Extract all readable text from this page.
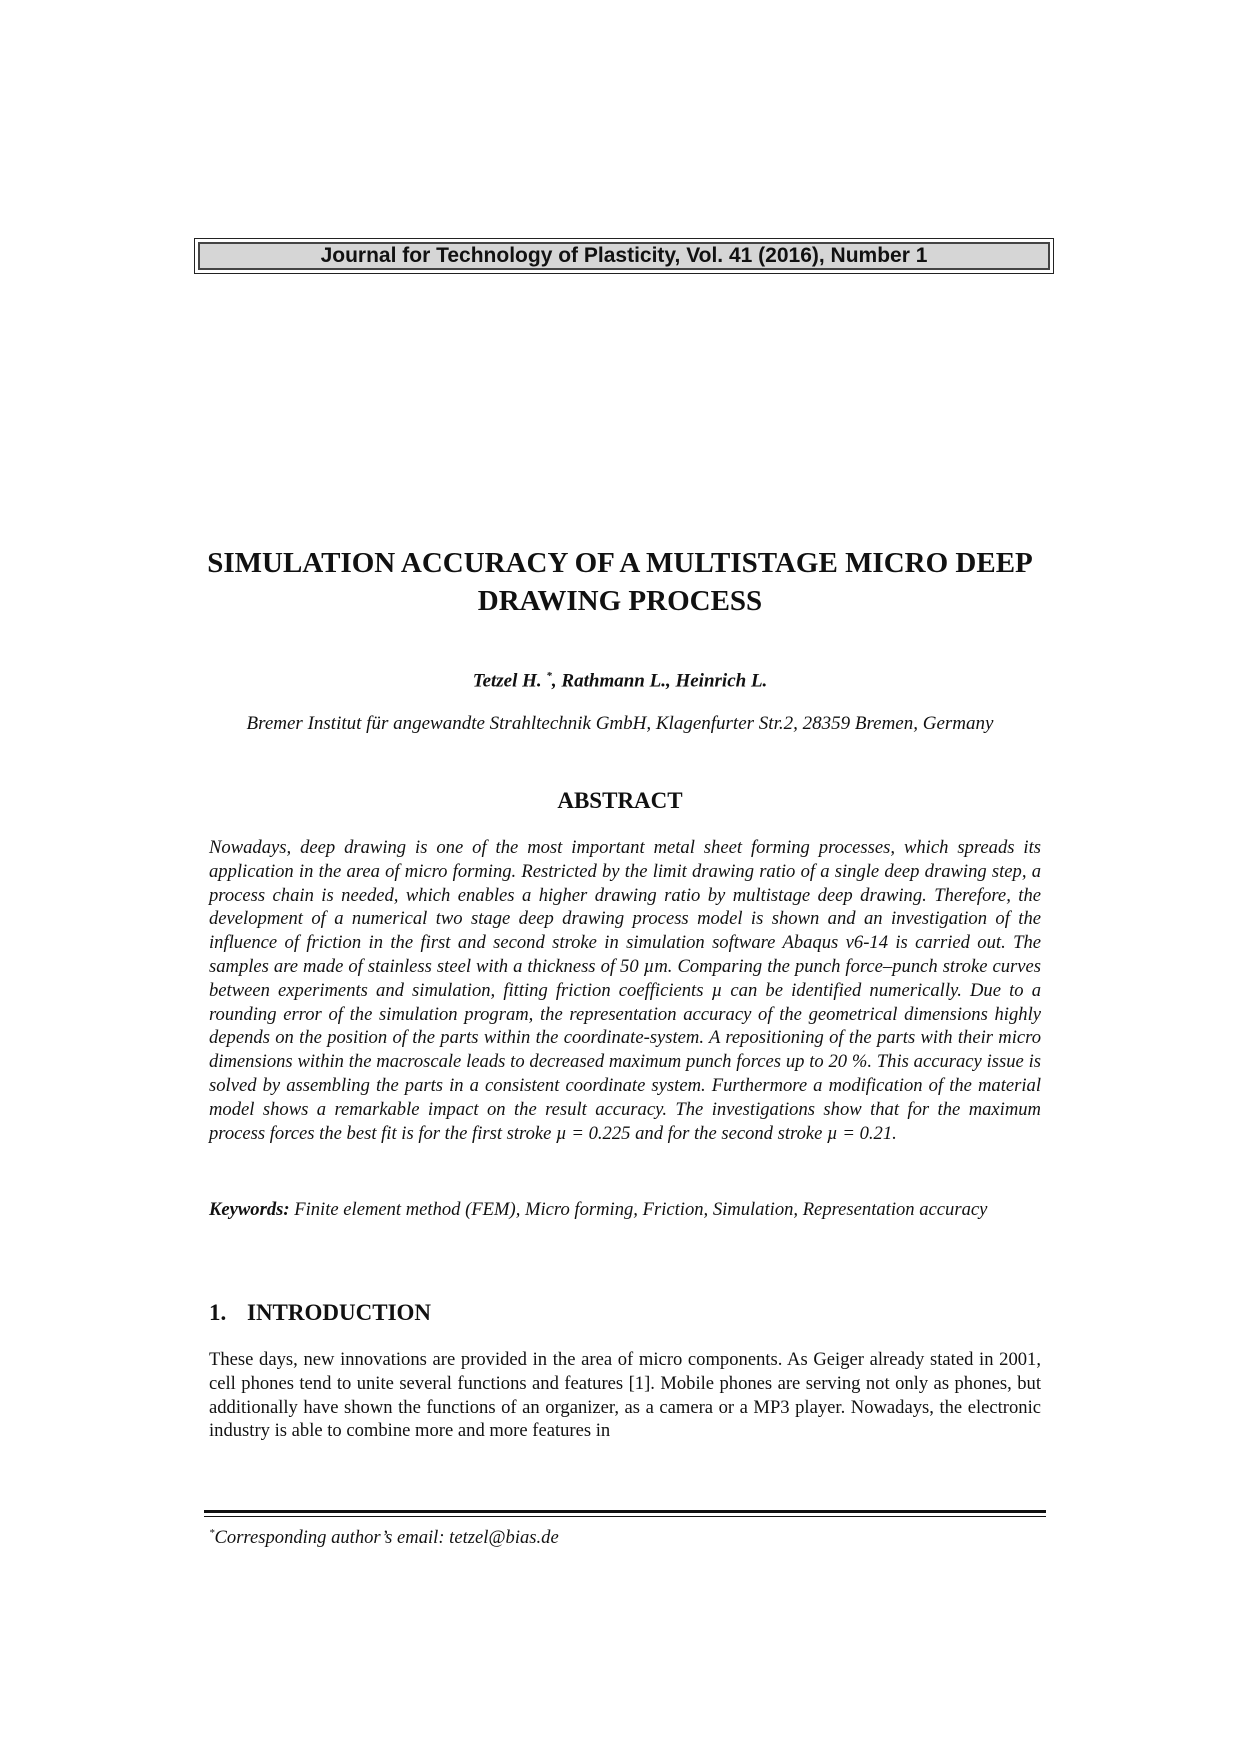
Journal for Technology of Plasticity, Vol. 41 (2016), Number 1
SIMULATION ACCURACY OF A MULTISTAGE MICRO DEEP DRAWING PROCESS

Tetzel H. *, Rathmann L., Heinrich L.

Bremer Institut für angewandte Strahltechnik GmbH, Klagenfurter Str.2, 28359 Bremen, Germany

ABSTRACT

Nowadays, deep drawing is one of the most important metal sheet forming processes, which spreads its application in the area of micro forming. Restricted by the limit drawing ratio of a single deep drawing step, a process chain is needed, which enables a higher drawing ratio by multistage deep drawing. Therefore, the development of a numerical two stage deep drawing process model is shown and an investigation of the influence of friction in the first and second stroke in simulation software Abaqus v6-14 is carried out. The samples are made of stainless steel with a thickness of 50 µm. Comparing the punch force–punch stroke curves between experiments and simulation, fitting friction coefficients µ can be identified numerically. Due to a rounding error of the simulation program, the representation accuracy of the geometrical dimensions highly depends on the position of the parts within the coordinate-system. A repositioning of the parts with their micro dimensions within the macroscale leads to decreased maximum punch forces up to 20 %. This accuracy issue is solved by assembling the parts in a consistent coordinate system. Furthermore a modification of the material model shows a remarkable impact on the result accuracy. The investigations show that for the maximum process forces the best fit is for the first stroke µ = 0.225 and for the second stroke µ = 0.21.

Keywords: Finite element method (FEM), Micro forming, Friction, Simulation, Representation accuracy

1. INTRODUCTION

These days, new innovations are provided in the area of micro components. As Geiger already stated in 2001, cell phones tend to unite several functions and features [1]. Mobile phones are serving not only as phones, but additionally have shown the functions of an organizer, as a camera or a MP3 player. Nowadays, the electronic industry is able to combine more and more features in

*Corresponding author’s email: tetzel@bias.de
